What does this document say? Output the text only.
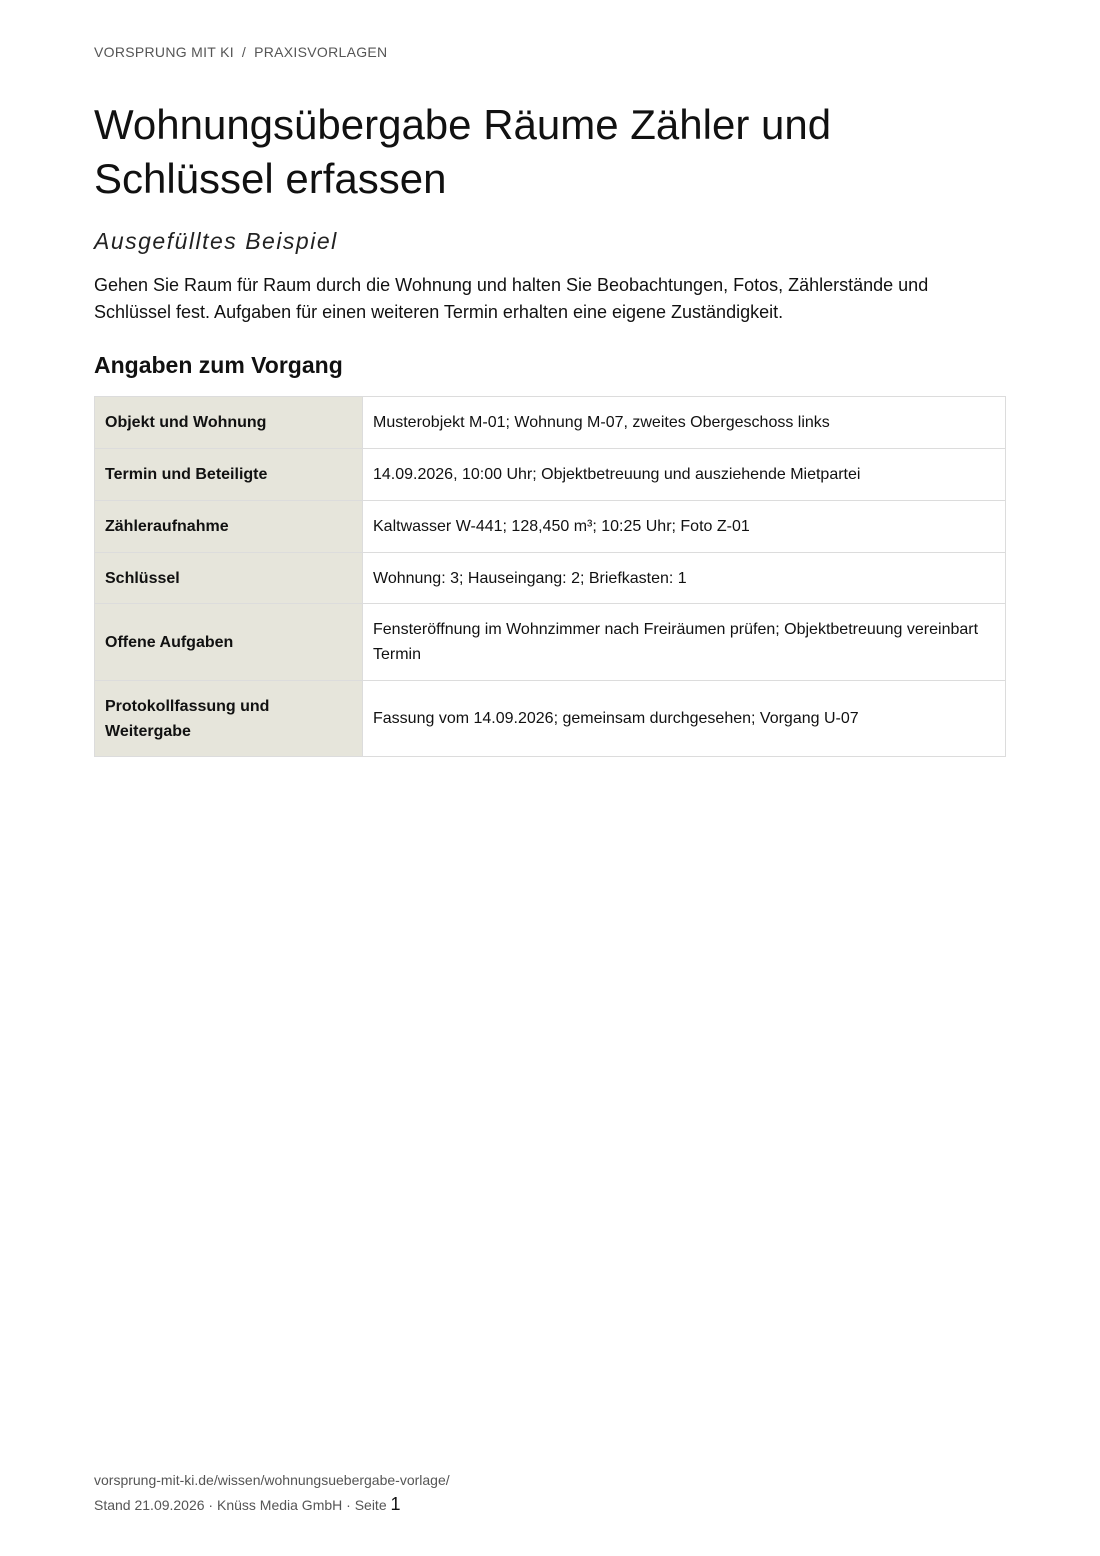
VORSPRUNG MIT KI / PRAXISVORLAGEN
Wohnungsübergabe Räume Zähler und Schlüssel erfassen
Ausgefülltes Beispiel

Gehen Sie Raum für Raum durch die Wohnung und halten Sie Beobachtungen, Fotos, Zählerstände und Schlüssel fest. Aufgaben für einen weiteren Termin erhalten eine eigene Zuständigkeit.

Angaben zum Vorgang
Objekt und Wohnung	Musterobjekt M-01; Wohnung M-07, zweites Obergeschoss links
Termin und Beteiligte	14.09.2026, 10:00 Uhr; Objektbetreuung und ausziehende Mietpartei
Zähleraufnahme	Kaltwasser W-441; 128,450 m³; 10:25 Uhr; Foto Z-01
Schlüssel	Wohnung: 3; Hauseingang: 2; Briefkasten: 1
Offene Aufgaben	Fensteröffnung im Wohnzimmer nach Freiräumen prüfen; Objektbetreuung vereinbart Termin
Protokollfassung und Weitergabe	Fassung vom 14.09.2026; gemeinsam durchgesehen; Vorgang U-07
vorsprung-mit-ki.de/wissen/wohnungsuebergabe-vorlage/
Stand 21.09.2026 · Knüss Media GmbH · Seite 1
